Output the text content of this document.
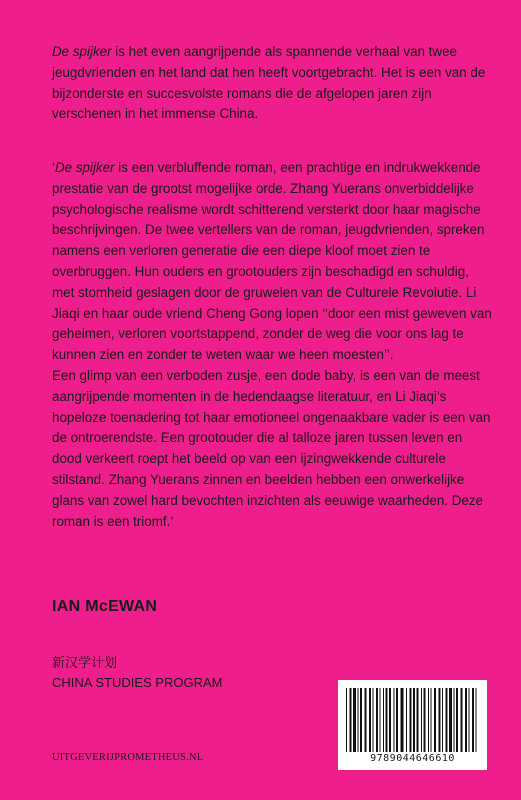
De spijker is het even aangrijpende als spannende verhaal van twee jeugdvrienden en het land dat hen heeft voortgebracht. Het is een van de bijzonderste en succesvolste romans die de afgelopen jaren zijn verschenen in het immense China.

‘De spijker is een verbluffende roman, een prachtige en indrukwekkende prestatie van de grootst mogelijke orde. Zhang Yuerans onverbiddelijke psychologische realisme wordt schitterend versterkt door haar magische beschrijvingen. De twee vertellers van de roman, jeugdvrienden, spreken namens een verloren generatie die een diepe kloof moet zien te overbruggen. Hun ouders en grootouders zijn beschadigd en schuldig, met stomheid geslagen door de gruwelen van de Culturele Revolutie. Li Jiaqi en haar oude vriend Cheng Gong lopen ‘‘door een mist geweven van geheimen, verloren voortstappend, zonder de weg die voor ons lag te kunnen zien en zonder te weten waar we heen moesten’’.

Een glimp van een verboden zusje, een dode baby, is een van de meest aangrijpende momenten in de hedendaagse literatuur, en Li Jiaqi’s hopeloze toenadering tot haar emotioneel ongenaakbare vader is een van de ontroerendste. Een grootouder die al talloze jaren tussen leven en dood verkeert roept het beeld op van een ijzingwekkende culturele stilstand. Zhang Yuerans zinnen en beelden hebben een onwerkelijke glans van zowel hard bevochten inzichten als eeuwige waarheden. Deze roman is een triomf.’

IAN McEWAN
新汉学计划
CHINA STUDIES PROGRAM
UITGEVERIJPROMETHEUS.NL	9789044646610
